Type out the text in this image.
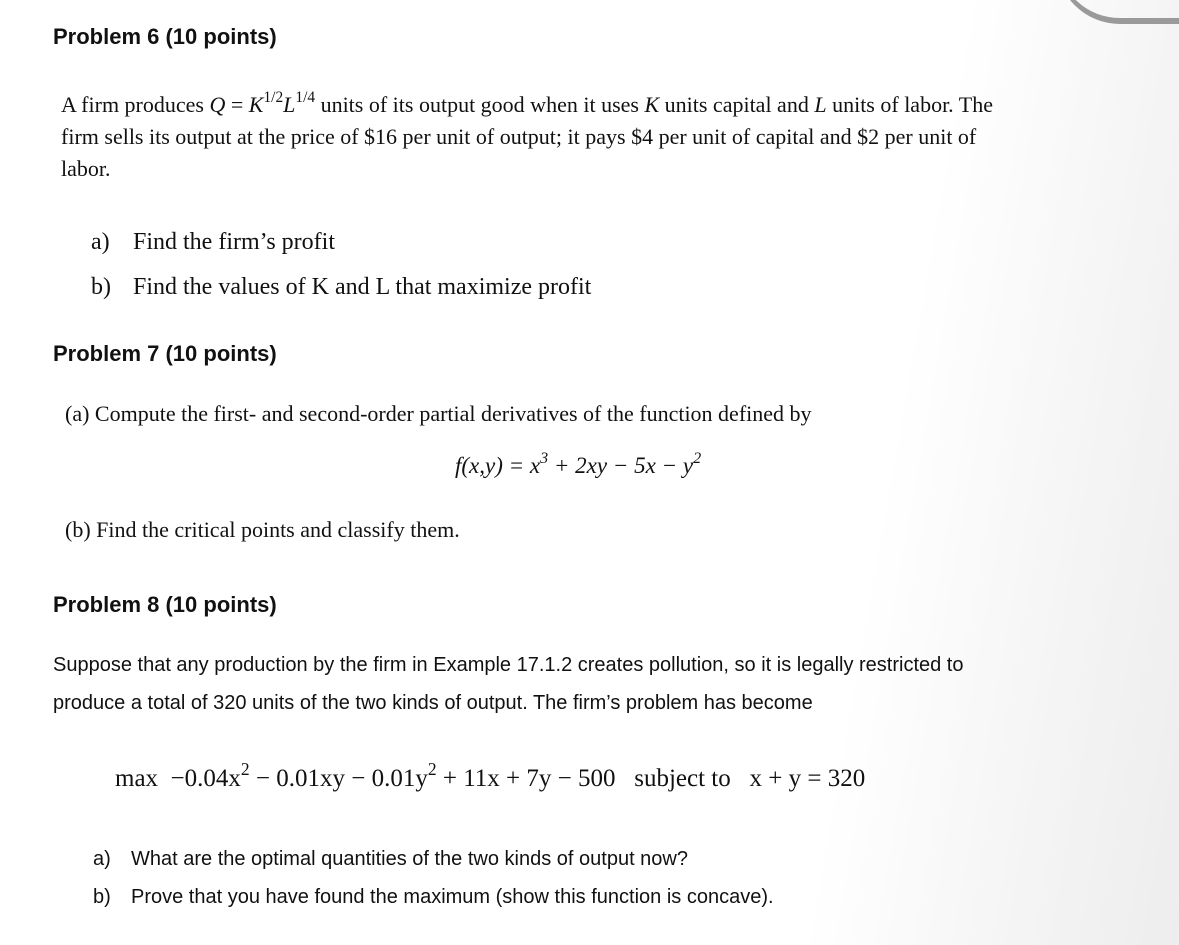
Problem 6 (10 points)
A firm produces $Q = K^{1/2}L^{1/4}$ units of its output good when it uses K units capital and L units of labor. The
firm sells its output at the price of $16 per unit of output; it pays $4 per unit of capital and $2 per unit of
labor.
a) Find the firm’s profit
b) Find the values of K and L that maximize profit
Problem 7 (10 points)
(a) Compute the first- and second-order partial derivatives of the function defined by
$f(x,y) = x^3 + 2xy - 5x - y^2$
(b) Find the critical points and classify them.
Problem 8 (10 points)
Suppose that any production by the firm in Example 17.1.2 creates pollution, so it is legally restricted to
produce a total of 320 units of the two kinds of output. The firm’s problem has become
$\max -0.04x^2 - 0.01xy - 0.01y^2 + 11x + 7y - 500$ subject to x + y = 320
a) What are the optimal quantities of the two kinds of output now?
b) Prove that you have found the maximum (show this function is concave).
